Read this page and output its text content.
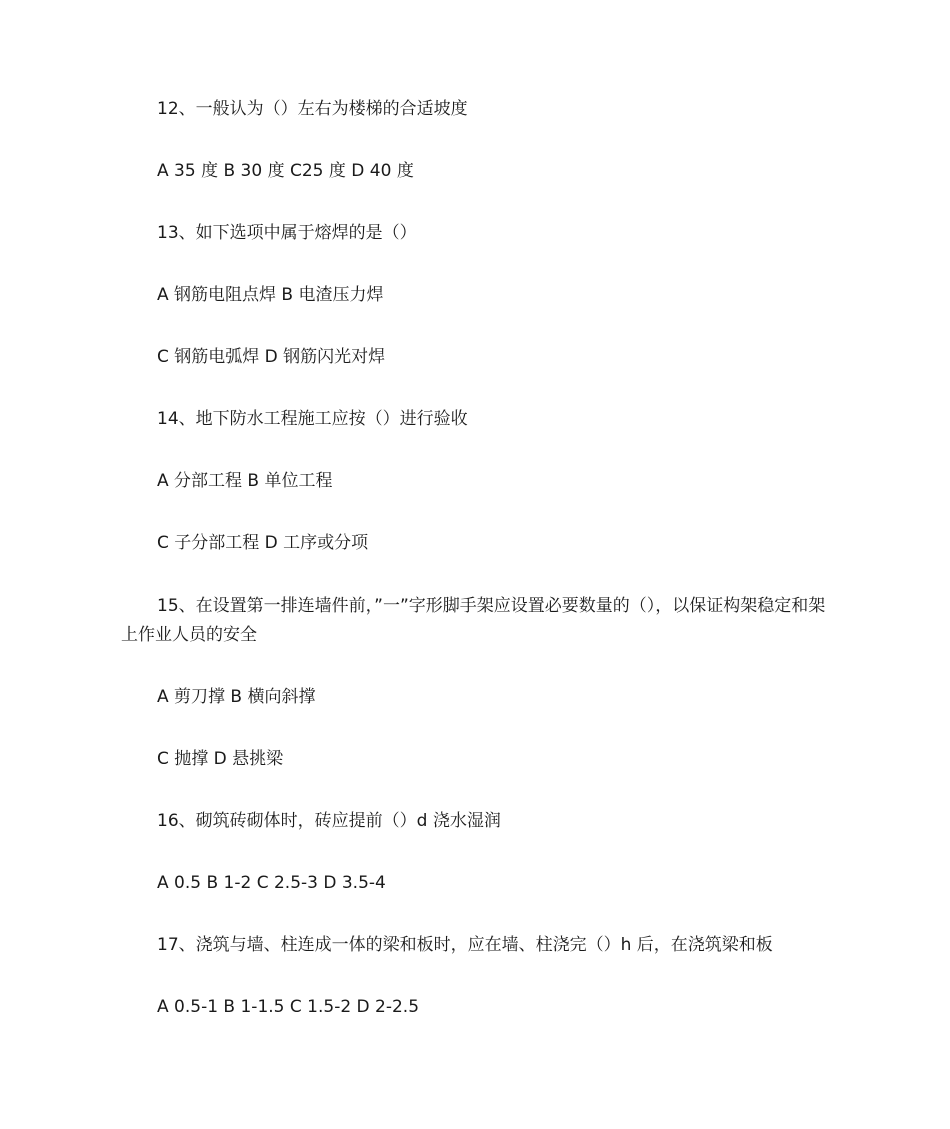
12、一般认为（）左右为楼梯的合适坡度
A 35 度 B 30 度 C25 度 D 40 度
13、如下选项中属于熔焊的是（）
A 钢筋电阻点焊 B 电渣压力焊
C 钢筋电弧焊 D 钢筋闪光对焊
14、地下防水工程施工应按（）进行验收
A 分部工程 B 单位工程
C 子分部工程 D 工序或分项
15、在设置第一排连墙件前，”一”字形脚手架应设置必要数量的（），以保证构架稳定和架上作业人员的安全
A 剪刀撑 B 横向斜撑
C 抛撑 D 悬挑梁
16、砌筑砖砌体时，砖应提前（）d 浇水湿润
A 0.5 B 1-2 C 2.5-3 D 3.5-4
17、浇筑与墙、柱连成一体的梁和板时，应在墙、柱浇完（）h 后，在浇筑梁和板
A 0.5-1 B 1-1.5 C 1.5-2 D 2-2.5
